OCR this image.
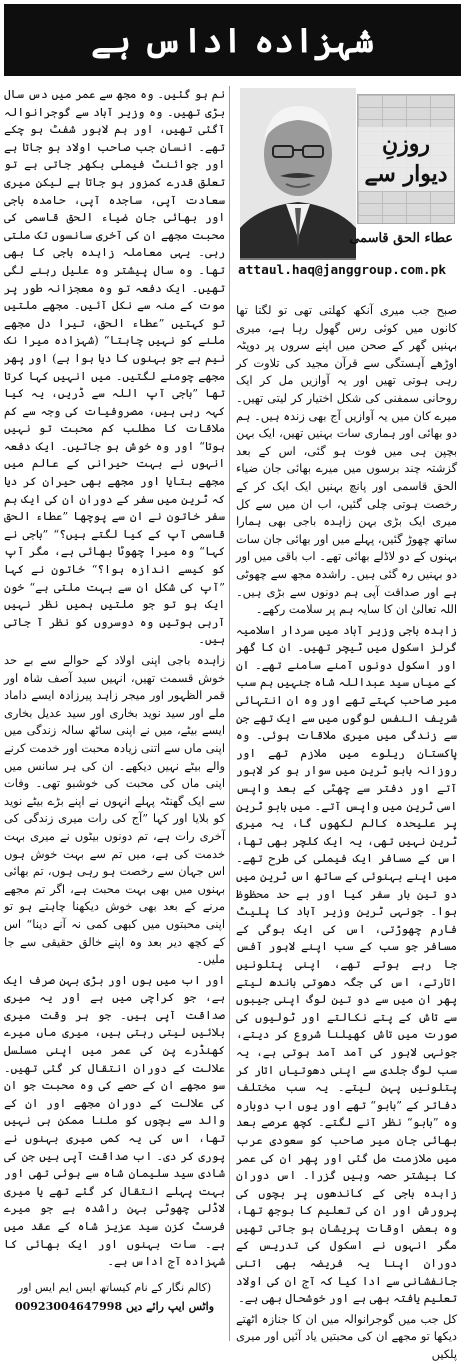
شہزادہ اداس ہے
روزنِ دیوار سے
عطاء الحق قاسمی
attaul.haq@janggroup.com.pk

صبح جب میری آنکھ کھلتی تھی تو لگتا تھا کانوں میں کوئی رس گھول رہا ہے، میری بہنیں گھر کے صحن میں اپنے سروں پر دوپٹہ اوڑھے آہستگی سے قرآن مجید کی تلاوت کر رہی ہوتی تھیں اور یہ آوازیں مل کر ایک روحانی سمفنی کی شکل اختیار کر لیتی تھیں۔ میرے کان میں یہ آوازیں آج بھی زندہ ہیں۔ ہم دو بھائی اور ہماری سات بہنیں تھیں، ایک بہن بچپن ہی میں فوت ہو گئی، اس کے بعد گزشتہ چند برسوں میں میرے بھائی جان ضیاء الحق قاسمی اور پانچ بہنیں ایک ایک کر کے رخصت ہوتی چلی گئیں، اب ان میں سے کل میری ایک بڑی بہن زاہدہ باجی بھی ہمارا ساتھ چھوڑ گئیں، پہلے میں اور بھائی جان سات بہنوں کے دو لاڈلے بھائی تھے۔ اب باقی میں اور دو بہنیں رہ گئی ہیں۔ راشدہ مجھ سے چھوٹی ہے اور صداقت آپی ہم دونوں سے بڑی ہیں۔ اللہ تعالیٰ ان کا سایہ ہم پر سلامت رکھے۔

زاہدہ باجی وزیر آباد میں سردار اسلامیہ گرلز اسکول میں ٹیچر تھیں۔ ان کا گھر اور اسکول دونوں آمنے سامنے تھے۔ ان کے میاں سید عبداللہ شاہ جنہیں ہم سب میر صاحب کہتے تھے اور وہ ان انتہائی شریف النفس لوگوں میں سے ایک تھے جن سے زندگی میں میری ملاقات ہوئی۔ وہ پاکستان ریلوے میں ملازم تھے اور روزانہ بابو ٹرین میں سوار ہو کر لاہور آتے اور دفتر سے چھٹی کے بعد واپس اسی ٹرین میں واپس آتے۔ میں بابو ٹرین پر علیحدہ کالم لکھوں گا، یہ میری ٹرین نہیں تھی، یہ ایک کلچر بھی تھا، اس کے مسافر ایک فیملی کی طرح تھے۔ میں اپنے بہنوئی کے ساتھ اس ٹرین میں دو تین بار سفر کیا اور بے حد محظوظ ہوا۔ جونہی ٹرین وزیر آباد کا پلیٹ فارم چھوڑتی، اس کی ایک بوگی کے مسافر جو سب کے سب اپنے لاہور آفس جا رہے ہوتے تھے، اپنی پتلونیں اتارتے، اس کی جگہ دھوتی باندھ لیتے پھر ان میں سے دو تین لوگ اپنی جیبوں سے تاش کے پتے نکالتے اور ٹولیوں کی صورت میں تاش کھیلنا شروع کر دیتے، جونہی لاہور کی آمد آمد ہوتی ہے، یہ سب لوگ جلدی سے اپنی دھوتیاں اتار کر پتلونیں پہن لیتے۔ یہ سب مختلف دفاتر کے ”بابو“ تھے اور یوں اب دوبارہ وہ ”بابو“ نظر آنے لگتے۔ کچھ عرصے بعد بھائی جان میر صاحب کو سعودی عرب میں ملازمت مل گئی اور پھر ان کی عمر کا بیشتر حصہ وہیں گزرا۔ اس دوران زاہدہ باجی کے کاندھوں پر بچوں کی پرورش اور ان کی تعلیم کا بوجھ تھا، وہ بعض اوقات پریشان ہو جاتی تھیں مگر انہوں نے اسکول کی تدریس کے دوران اپنا یہ فریضہ بھی اتنی جانفشانی سے ادا کیا کہ آج ان کی اولاد تعلیم یافتہ بھی ہے اور خوشحال بھی ہے۔

کل جب میں گوجرانوالہ میں ان کا جنازہ اٹھتے دیکھا تو مجھے ان کی محبتیں یاد آئیں اور میری پلکیں

نم ہو گئیں۔ وہ مجھ سے عمر میں دس سال بڑی تھیں۔ وہ وزیر آباد سے گوجرانوالہ آگئی تھیں، اور ہم لاہور شفٹ ہو چکے تھے۔ انسان جب صاحب اولاد ہو جاتا ہے اور جوائنٹ فیملی بکھر جاتی ہے تو تعلق قدرے کمزور ہو جاتا ہے لیکن میری سعادت آپی، ساجدہ آپی، حامدہ باجی اور بھائی جان ضیاء الحق قاسمی کی محبت مجھے ان کی آخری سانسوں تک ملتی رہی۔ یہی معاملہ زاہدہ باجی کا بھی تھا۔ وہ سال پیشتر وہ علیل رہنے لگی تھیں۔ ایک دفعہ تو وہ معجزانہ طور پر موت کے منہ سے نکل آئیں۔ مجھے ملتیں تو کہتیں ”عطاء الحق، تیرا دل مجھے ملنے کو نہیں چاہتا“ (شہزادہ میرا نک نیم ہے جو بہنوں کا دیا ہوا ہے) اور پھر مجھے چومنے لگتیں۔ میں انہیں کہا کرتا تھا ”باجی آپ اللہ سے ڈریں، یہ کیا کہہ رہی ہیں، مصروفیات کی وجہ سے کم ملاقات کا مطلب کم محبت تو نہیں ہوتا“ اور وہ خوش ہو جاتیں۔ ایک دفعہ انہوں نے بہت حیرانی کے عالم میں مجھے بتایا اور مجھے بھی حیران کر دیا کہ ٹرین میں سفر کے دوران ان کی ایک ہم سفر خاتون نے ان سے پوچھا ”عطاء الحق قاسمی آپ کے کیا لگتے ہیں؟“ ”باجی نے کہا“ وہ میرا چھوٹا بھائی ہے، مگر آپ کو کیسے اندازہ ہوا؟“ خاتون نے کہا ”آپ کی شکل ان سے بہت ملتی ہے“ خون ایک ہو تو جو ملتیں ہمیں نظر نہیں آرہی ہوتیں وہ دوسروں کو نظر آ جاتی ہیں۔

زاہدہ باجی اپنی اولاد کے حوالے سے بے حد خوش قسمت تھیں، انہیں سید آصف شاہ اور قمر الظہور اور میجر زاہد پیرزادہ ایسے داماد ملے اور سید نوید بخاری اور سید عدیل بخاری ایسے بیٹے، میں نے اپنی ساٹھ سالہ زندگی میں اپنی ماں سے اتنی زیادہ محبت اور خدمت کرنے والے بیٹے نہیں دیکھے۔ ان کی ہر سانس میں اپنی ماں کی محبت کی خوشبو تھی۔ وفات سے ایک گھنٹہ پہلے انہوں نے اپنے بڑے بیٹے نوید کو بلایا اور کہا ”آج کی رات میری زندگی کی آخری رات ہے، تم دونوں بیٹوں نے میری بہت خدمت کی ہے، میں تم سے بہت خوش ہوں اس جہان سے رخصت ہو رہی ہوں، تم بھائی بہنوں میں بھی بہت محبت ہے، اگر تم مجھے مرنے کے بعد بھی خوش دیکھنا چاہتے ہو تو اپنی محبتوں میں کبھی کمی نہ آنے دینا“ اس کے کچھ دیر بعد وہ اپنے خالق حقیقی سے جا ملیں۔

اور اب میں ہوں اور بڑی بہن صرف ایک ہے، جو کراچی میں ہے اور یہ میری صداقت آپی ہیں۔ جو ہر وقت میری بلائیں لیتی رہتی ہیں، میری ماں میرے کھنڈرے پن کی عمر میں اپنی مسلسل علالت کے دوران انتقال کر گئی تھیں۔ سو مجھے ان کے حصے کی وہ محبت جو ان کی علالت کے دوران مجھے اور ان کے والد سے بچوں کو ملنا ممکن ہی نہیں تھا، اس کی یہ کمی میری بہنوں نے پوری کر دی۔ اب صداقت آپی ہیں جن کی شادی سید سلیمان شاہ سے ہوئی تھی اور بہت پہلے انتقال کر گئے تھے یا میری لاڈلی چھوٹی بہن راشدہ ہے جو میرے فرسٹ کزن سید عزیز شاہ کے عقد میں ہے۔ سات بہنوں اور ایک بھائی کا شہزادہ آج اداس ہے۔

(کالم نگار کے نام کیساتھ ایس ایم ایس اور
واٹس ایپ رائے دیں 00923004647998
